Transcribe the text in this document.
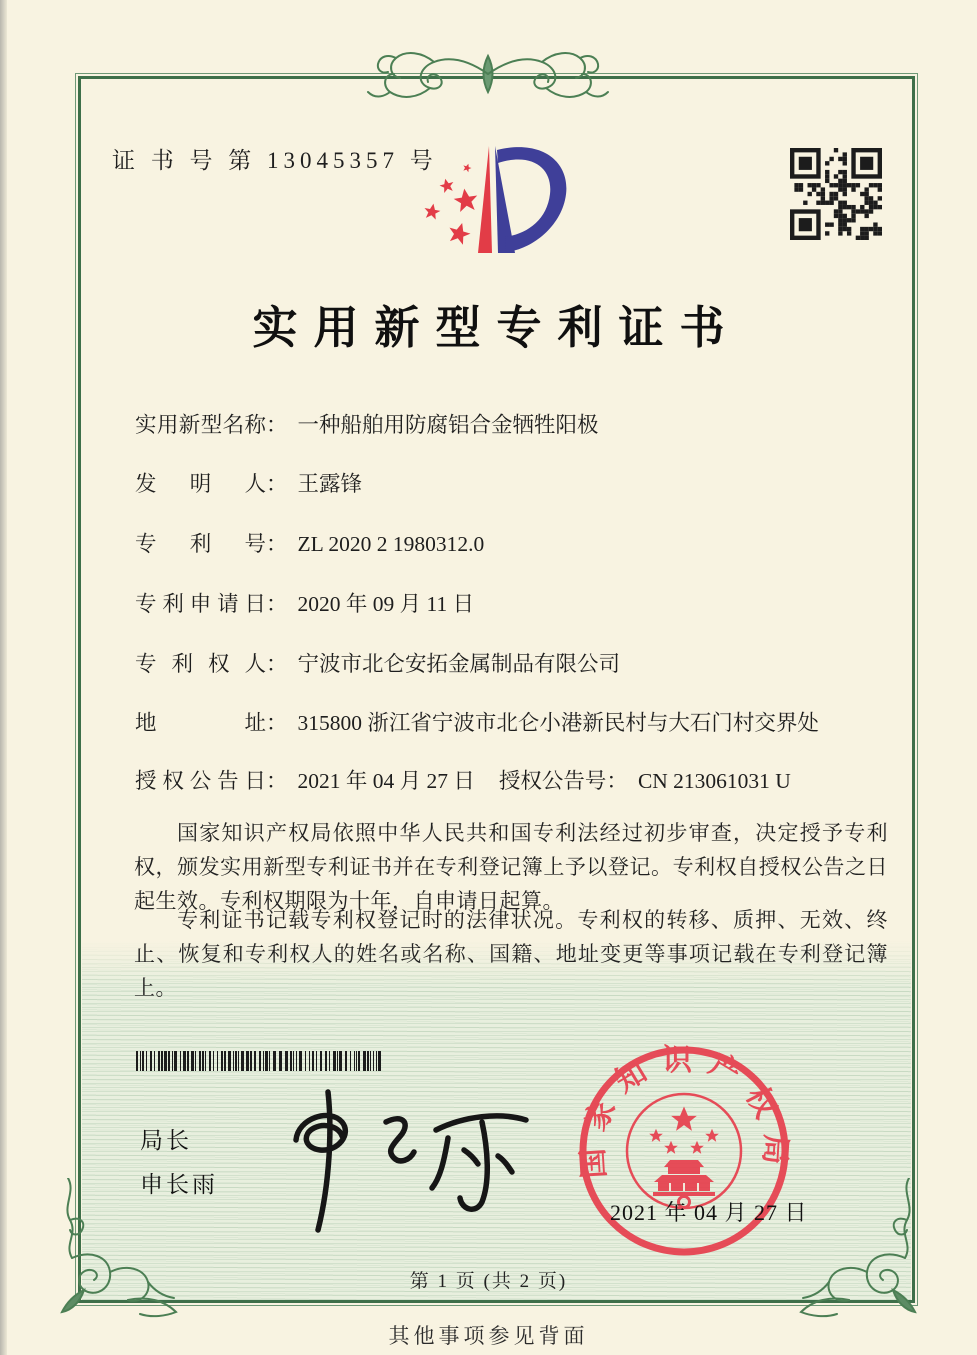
证 书 号 第 13045357 号
实用新型专利证书
实用新型名称： 一种船舶用防腐铝合金牺牲阳极
发明人： 王露锋
专利号： ZL 2020 2 1980312.0
专利申请日： 2020 年 09 月 11 日
专利权人： 宁波市北仑安拓金属制品有限公司
地址： 315800 浙江省宁波市北仑小港新民村与大石门村交界处
授权公告日： 2021 年 04 月 27 日 授权公告号： CN 213061031 U

国家知识产权局依照中华人民共和国专利法经过初步审查，决定授予专利权，颁发实用新型专利证书并在专利登记簿上予以登记。专利权自授权公告之日起生效。专利权期限为十年，自申请日起算。

专利证书记载专利权登记时的法律状况。专利权的转移、质押、无效、终止、恢复和专利权人的姓名或名称、国籍、地址变更等事项记载在专利登记簿上。

局长
申长雨
国家知识产权局
2021 年 04 月 27 日
第 1 页 (共 2 页)
其他事项参见背面
